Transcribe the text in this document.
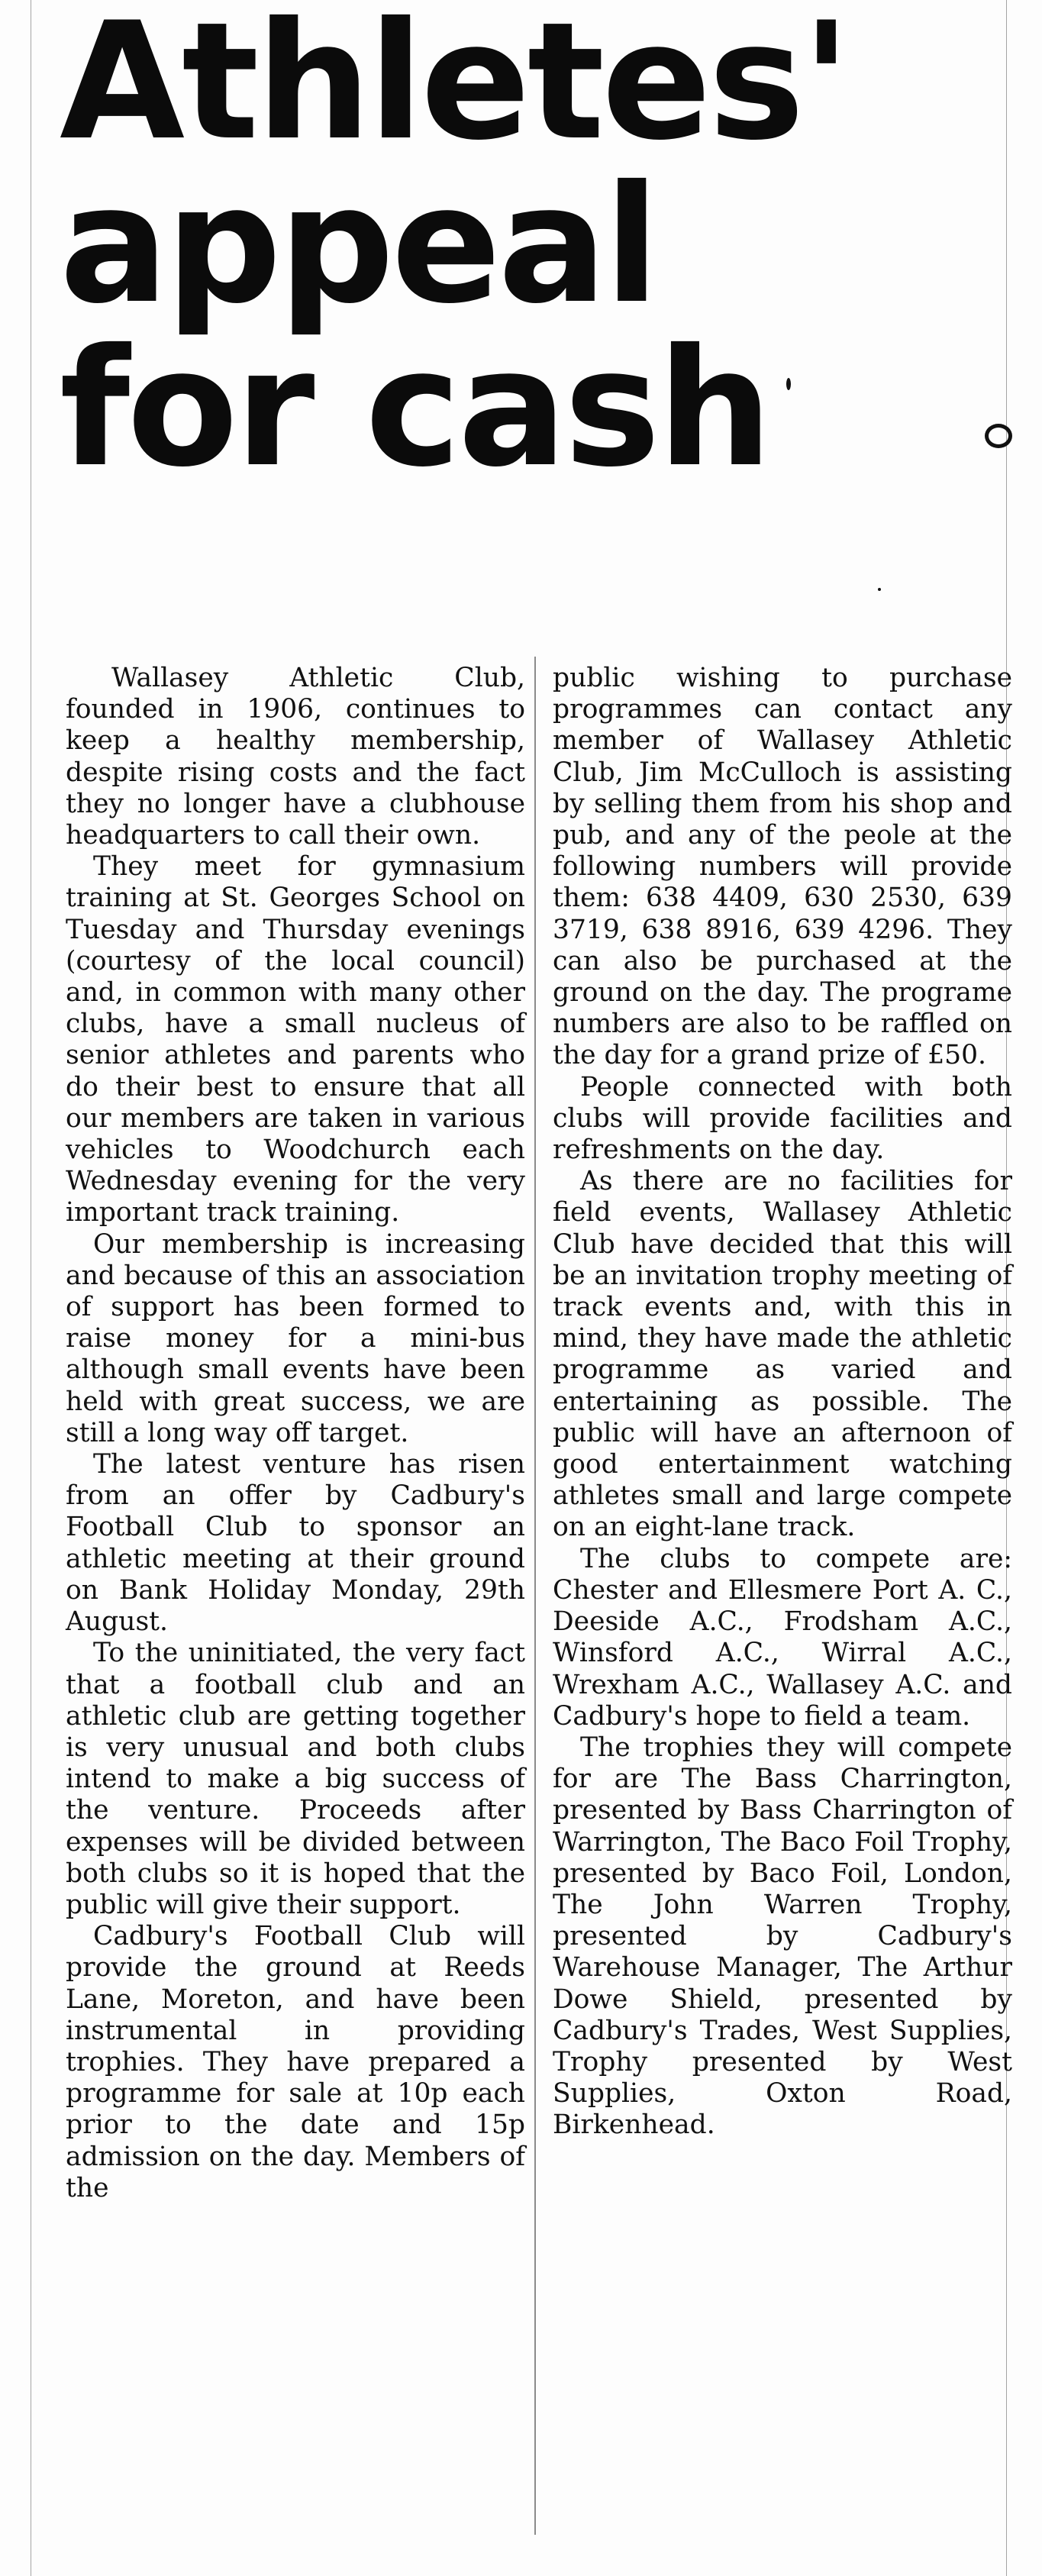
Athletes'
appeal
for cash

Wallasey Athletic Club, founded in 1906, continues to keep a healthy membership, despite rising costs and the fact they no longer have a clubhouse headquarters to call their own.

They meet for gymnasium training at St. Georges School on Tuesday and Thursday evenings (courtesy of the local council) and, in common with many other clubs, have a small nucleus of senior athletes and parents who do their best to ensure that all our members are taken in various vehicles to Woodchurch each Wednesday evening for the very important track training.

Our membership is increasing and because of this an association of support has been formed to raise money for a mini-bus although small events have been held with great success, we are still a long way off target.

The latest venture has risen from an offer by Cadbury's Football Club to sponsor an athletic meeting at their ground on Bank Holiday Monday, 29th August.

To the uninitiated, the very fact that a football club and an athletic club are getting together is very unusual and both clubs intend to make a big success of the venture. Proceeds after expenses will be divided between both clubs so it is hoped that the public will give their support.

Cadbury's Football Club will provide the ground at Reeds Lane, Moreton, and have been instrumental in providing trophies. They have prepared a programme for sale at 10p each prior to the date and 15p admission on the day. Members of the

public wishing to purchase programmes can contact any member of Wallasey Athletic Club, Jim McCulloch is assisting by selling them from his shop and pub, and any of the peole at the following numbers will provide them: 638 4409, 630 2530, 639 3719, 638 8916, 639 4296. They can also be purchased at the ground on the day. The programe numbers are also to be raffled on the day for a grand prize of £50.

People connected with both clubs will provide facilities and refreshments on the day.

As there are no facilities for field events, Wallasey Athletic Club have decided that this will be an invitation trophy meeting of track events and, with this in mind, they have made the athletic programme as varied and entertaining as possible. The public will have an afternoon of good entertainment watching athletes small and large compete on an eight-lane track.

The clubs to compete are: Chester and Ellesmere Port A. C., Deeside A.C., Frodsham A.C., Winsford A.C., Wirral A.C., Wrexham A.C., Wallasey A.C. and Cadbury's hope to field a team.

The trophies they will compete for are The Bass Charrington, presented by Bass Charrington of Warrington, The Baco Foil Trophy, presented by Baco Foil, London, The John Warren Trophy, presented by Cadbury's Warehouse Manager, The Arthur Dowe Shield, presented by Cadbury's Trades, West Supplies, Trophy presented by West Supplies, Oxton Road, Birkenhead.
